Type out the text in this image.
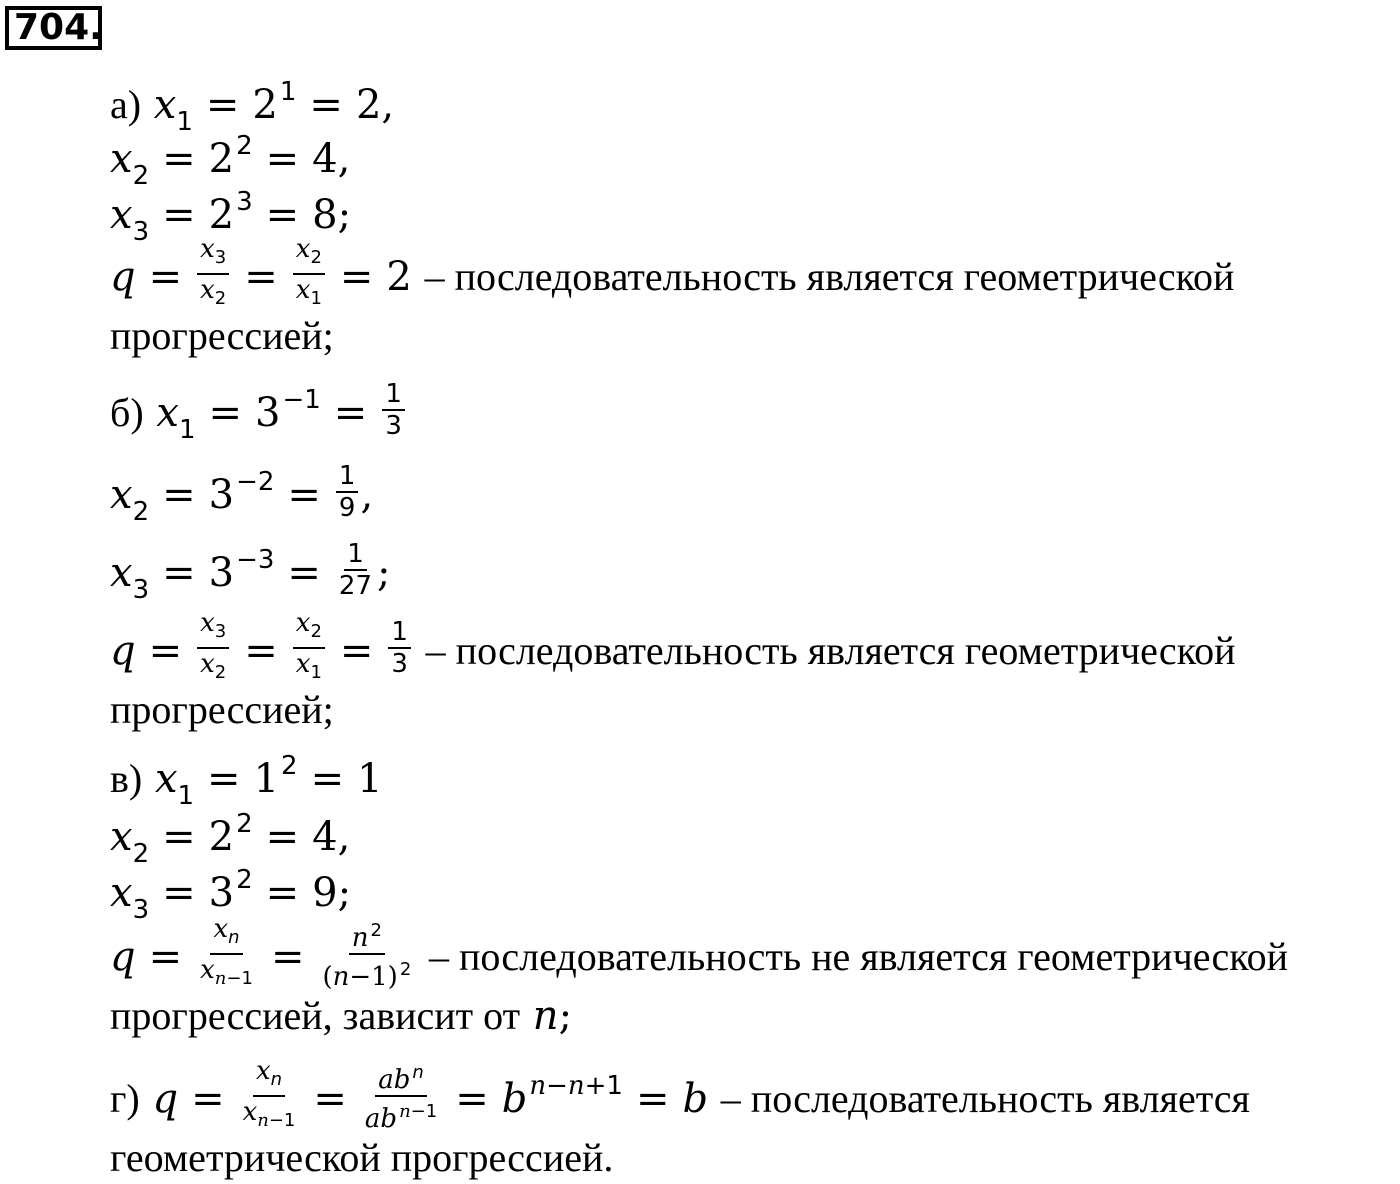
704.
а) $x_1 = 2^1 = 2$,
$x_2 = 2^2 = 4$,
$x_3 = 2^3 = 8$;
$q = \frac{x_3}{x_2} = \frac{x_2}{x_1} = 2$ – последовательность является геометрической
прогрессией;
б) $x_1 = 3^{-1} = \frac{1}{3}$
$x_2 = 3^{-2} = \frac{1}{9}$ ,
$x_3 = 3^{-3} = \frac{1}{27}$ ;
$q = \frac{x_3}{x_2} = \frac{x_2}{x_1} = \frac{1}{3}$ – последовательность является геометрической
прогрессией;
в) $x_1 = 1^2 = 1$
$x_2 = 2^2 = 4$,
$x_3 = 3^2 = 9$;
$q = \frac{x_n}{x_{n-1}} = \frac{n ^2}{(n-1) ^2}$ – последовательность не является геометрической
прогрессией, зависит от n;
г) $q = \frac{x_n}{x_{n-1}} = \frac{ab ^n}{ab ^{n-1}} = b^{n-n+1} = b$ – последовательность является
геометрической прогрессией.
